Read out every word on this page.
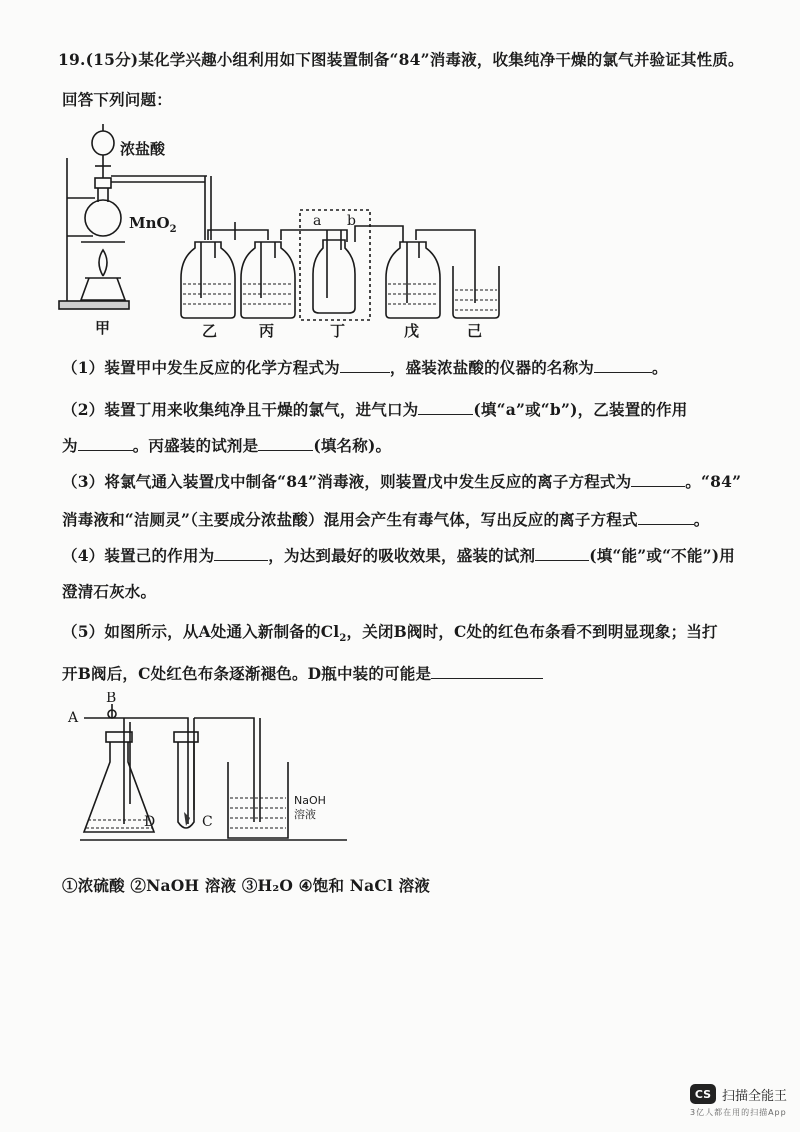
19.(15分)某化学兴趣小组利用如下图装置制备“84”消毒液，收集纯净干燥的氯气并验证其性质。
回答下列问题：
浓盐酸
MnO$_2$
a b
甲	乙	丙	丁	戊	己
（1）装置甲中发生反应的化学方程式为	，盛装浓盐酸的仪器的名称为	。
（2）装置丁用来收集纯净且干燥的氯气，进气口为	(填“a”或“b”)，乙装置的作用
为	。丙盛装的试剂是	(填名称)。
（3）将氯气通入装置戊中制备“84”消毒液，则装置戊中发生反应的离子方程式为	。“84”
消毒液和“洁厕灵”（主要成分浓盐酸）混用会产生有毒气体，写出反应的离子方程式	。
（4）装置己的作用为	，为达到最好的吸收效果，盛装的试剂	(填“能”或“不能”)用
澄清石灰水。
（5）如图所示，从A处通入新制备的$Cl_2$，关闭B阀时，C处的红色布条看不到明显现象；当打
开B阀后，C处红色布条逐渐褪色。D瓶中装的可能是
A
B
C
D
NaOH
溶液
①浓硫酸 ②NaOH 溶液 ③H₂O ④饱和 NaCl 溶液
CS 扫描全能王
3亿人都在用的扫描App
